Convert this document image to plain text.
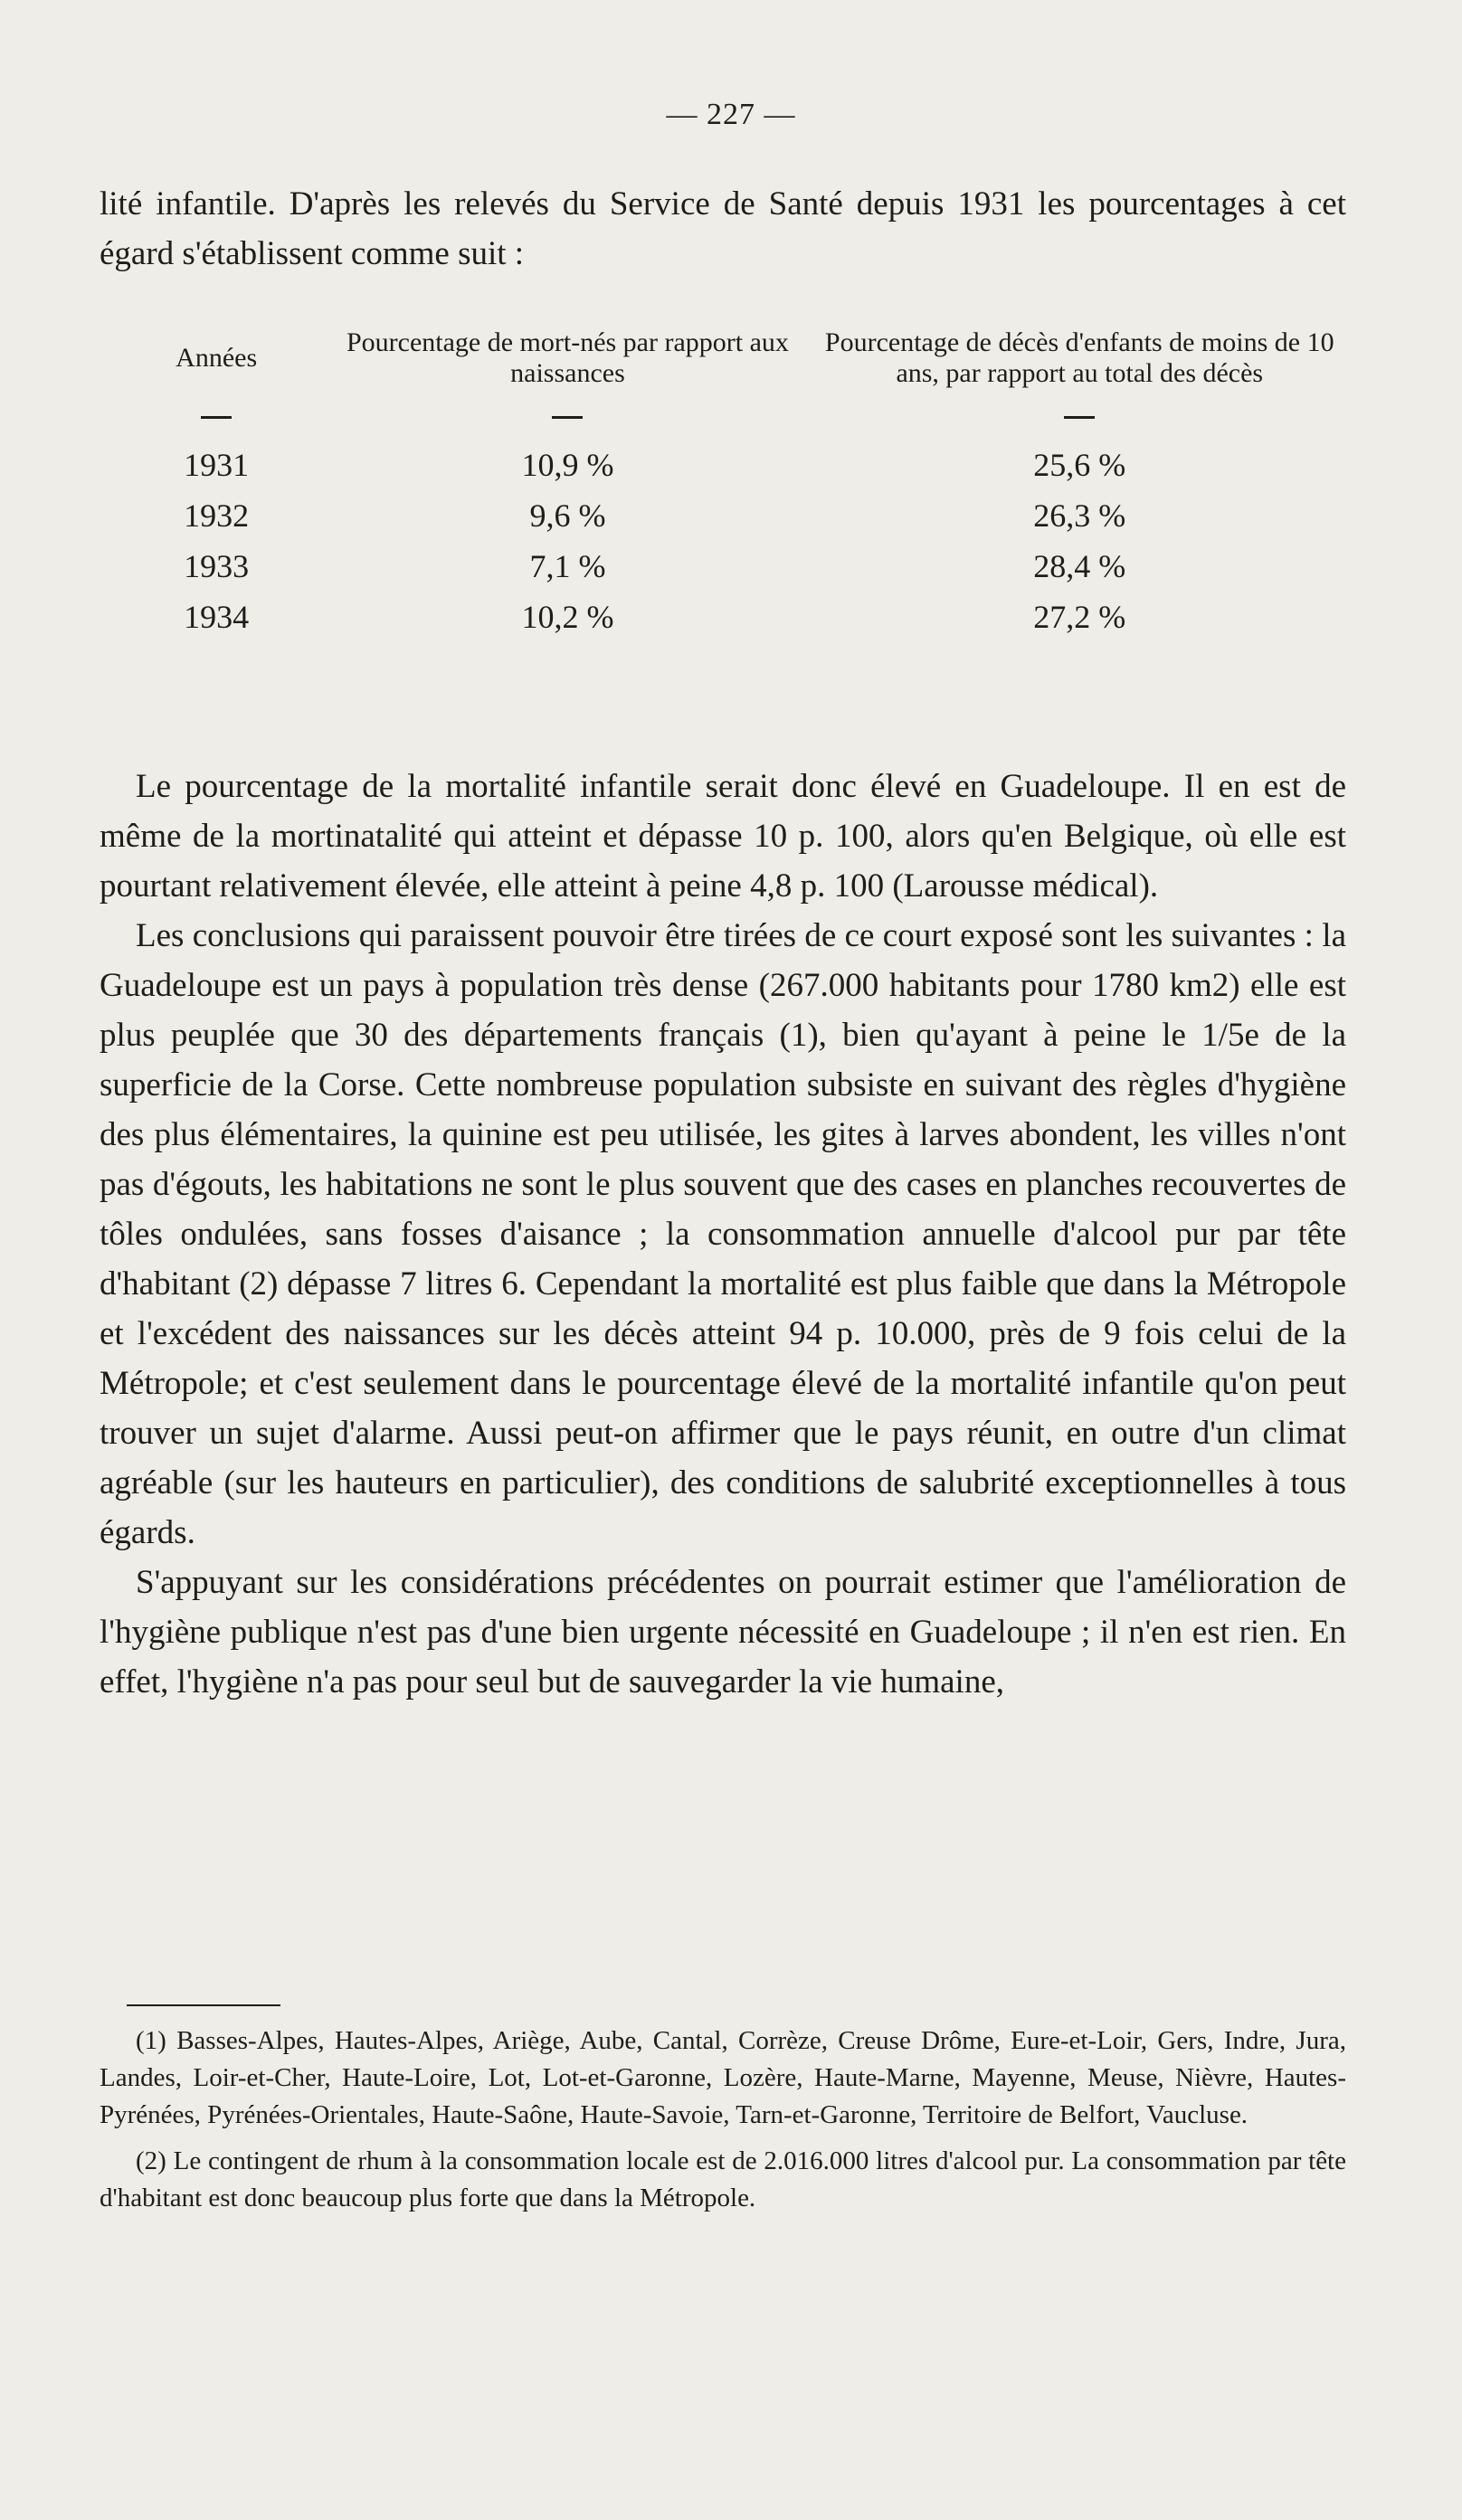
— 227 —

lité infantile. D'après les relevés du Service de Santé depuis 1931 les pourcentages à cet égard s'établissent comme suit :

Années	Pourcentage de mort-nés par rapport aux naissances	Pourcentage de décès d'enfants de moins de 10 ans, par rapport au total des décès

1931	10,9 %	25,6 %
1932	9,6 %	26,3 %
1933	7,1 %	28,4 %
1934	10,2 %	27,2 %

Le pourcentage de la mortalité infantile serait donc élevé en Guadeloupe. Il en est de même de la mortinatalité qui atteint et dépasse 10 p. 100, alors qu'en Belgique, où elle est pourtant relativement élevée, elle atteint à peine 4,8 p. 100 (Larousse médical).

Les conclusions qui paraissent pouvoir être tirées de ce court exposé sont les suivantes : la Guadeloupe est un pays à population très dense (267.000 habitants pour 1780 km2) elle est plus peuplée que 30 des départements français (1), bien qu'ayant à peine le 1/5e de la superficie de la Corse. Cette nombreuse population subsiste en suivant des règles d'hygiène des plus élémentaires, la quinine est peu utilisée, les gites à larves abondent, les villes n'ont pas d'égouts, les habitations ne sont le plus souvent que des cases en planches recouvertes de tôles ondulées, sans fosses d'aisance ; la consommation annuelle d'alcool pur par tête d'habitant (2) dépasse 7 litres 6. Cependant la mortalité est plus faible que dans la Métropole et l'excédent des naissances sur les décès atteint 94 p. 10.000, près de 9 fois celui de la Métropole; et c'est seulement dans le pourcentage élevé de la mortalité infantile qu'on peut trouver un sujet d'alarme. Aussi peut-on affirmer que le pays réunit, en outre d'un climat agréable (sur les hauteurs en particulier), des conditions de salubrité exceptionnelles à tous égards.

S'appuyant sur les considérations précédentes on pourrait estimer que l'amélioration de l'hygiène publique n'est pas d'une bien urgente nécessité en Guadeloupe ; il n'en est rien. En effet, l'hygiène n'a pas pour seul but de sauvegarder la vie humaine,

(1) Basses-Alpes, Hautes-Alpes, Ariège, Aube, Cantal, Corrèze, Creuse Drôme, Eure-et-Loir, Gers, Indre, Jura, Landes, Loir-et-Cher, Haute-Loire, Lot, Lot-et-Garonne, Lozère, Haute-Marne, Mayenne, Meuse, Nièvre, Hautes-Pyrénées, Pyrénées-Orientales, Haute-Saône, Haute-Savoie, Tarn-et-Garonne, Territoire de Belfort, Vaucluse.

(2) Le contingent de rhum à la consommation locale est de 2.016.000 litres d'alcool pur. La consommation par tête d'habitant est donc beaucoup plus forte que dans la Métropole.
